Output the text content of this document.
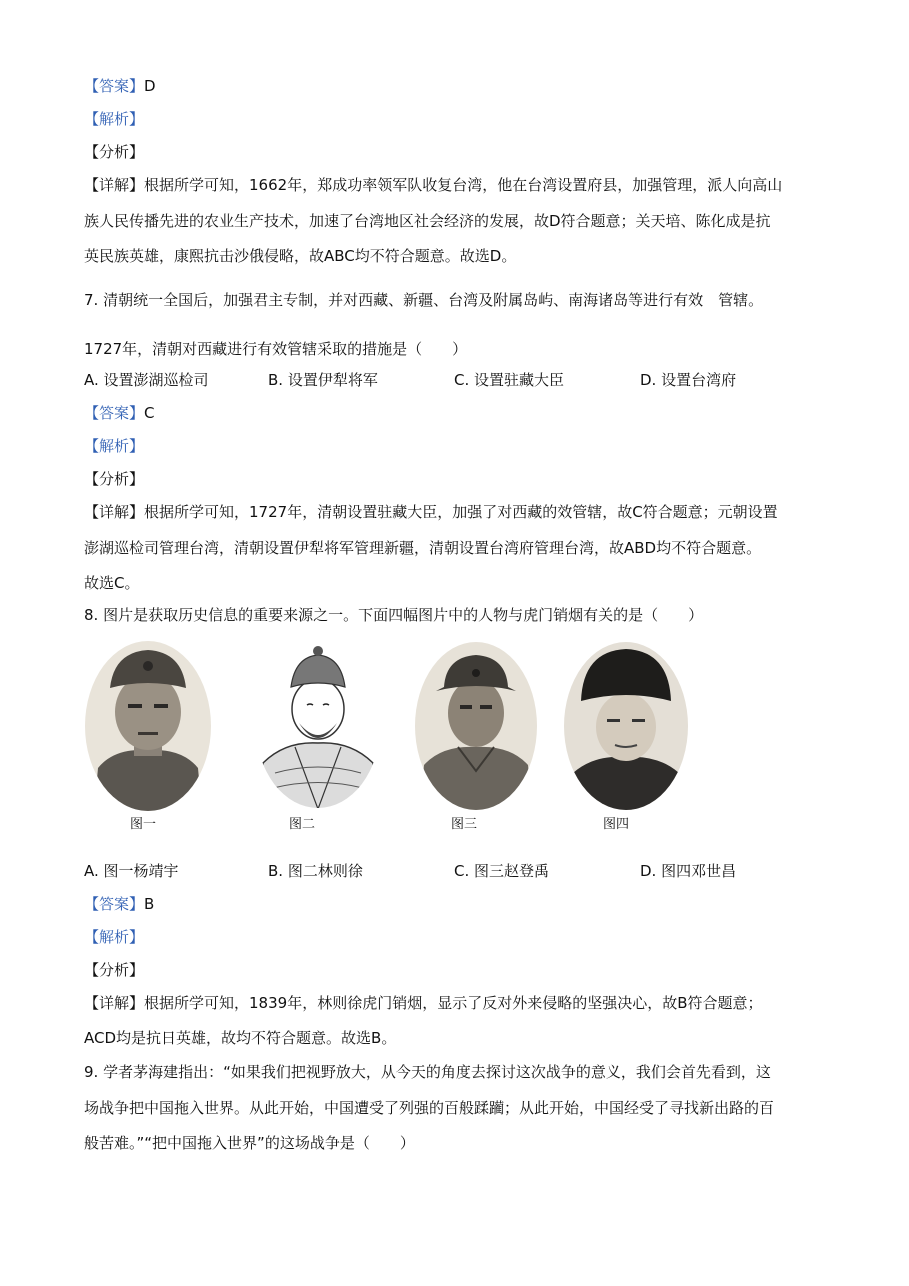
【答案】D
【解析】
【分析】
【详解】根据所学可知，1662年，郑成功率领军队收复台湾，他在台湾设置府县，加强管理，派人向高山
族人民传播先进的农业生产技术，加速了台湾地区社会经济的发展，故D符合题意；关天培、陈化成是抗
英民族英雄，康熙抗击沙俄侵略，故ABC均不符合题意。故选D。
7. 清朝统一全国后，加强君主专制，并对西藏、新疆、台湾及附属岛屿、南海诸岛等进行有效　管辖。
1727年，清朝对西藏进行有效管辖采取的措施是（　　）
A. 设置澎湖巡检司	B. 设置伊犁将军	C. 设置驻藏大臣	D. 设置台湾府
【答案】C
【解析】
【分析】
【详解】根据所学可知，1727年，清朝设置驻藏大臣，加强了对西藏的效管辖，故C符合题意；元朝设置
澎湖巡检司管理台湾，清朝设置伊犁将军管理新疆，清朝设置台湾府管理台湾，故ABD均不符合题意。
故选C。
8. 图片是获取历史信息的重要来源之一。下面四幅图片中的人物与虎门销烟有关的是（　　）
图一	图二	图三	图四
A. 图一杨靖宇	B. 图二林则徐	C. 图三赵登禹	D. 图四邓世昌
【答案】B
【解析】
【分析】
【详解】根据所学可知，1839年，林则徐虎门销烟，显示了反对外来侵略的坚强决心，故B符合题意；
ACD均是抗日英雄，故均不符合题意。故选B。
9. 学者茅海建指出：“如果我们把视野放大，从今天的角度去探讨这次战争的意义，我们会首先看到，这
场战争把中国拖入世界。从此开始，中国遭受了列强的百般蹂躏；从此开始，中国经受了寻找新出路的百
般苦难。”“把中国拖入世界”的这场战争是（　　）
